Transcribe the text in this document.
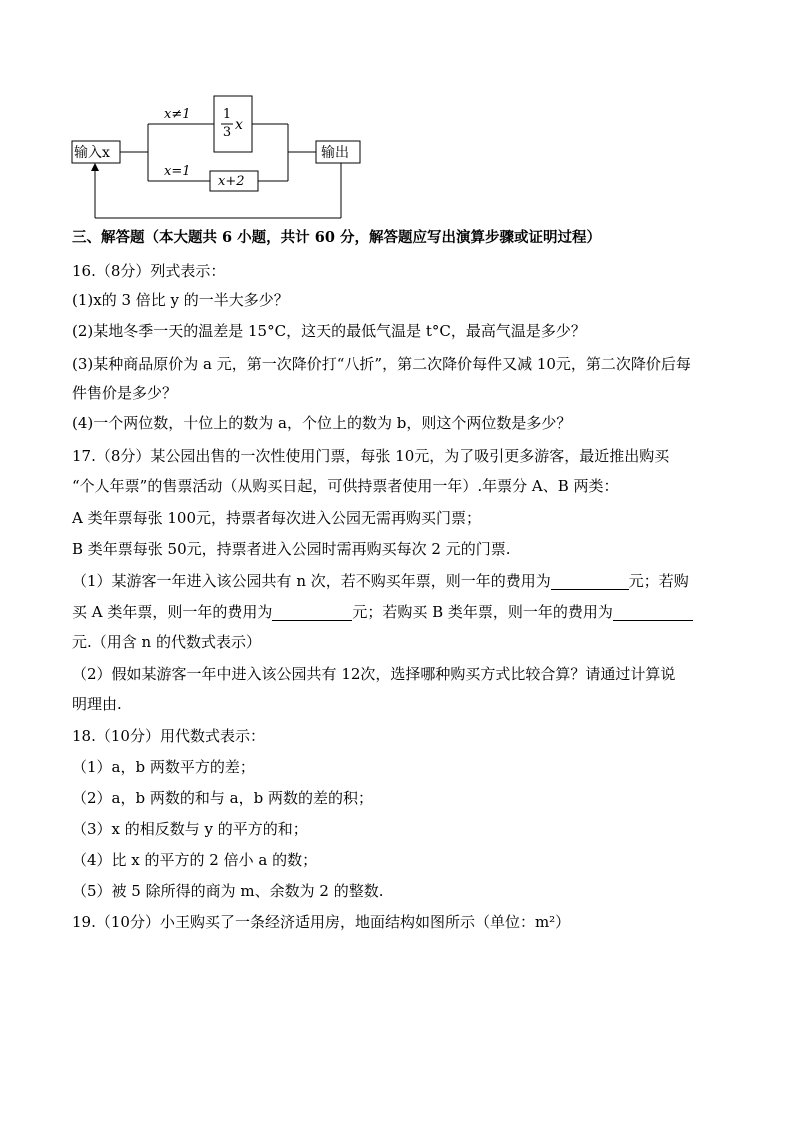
输入x	输出
x≠1
x=1
1
3 x
x+2
三、解答题（本大题共 6 小题，共计 60 分，解答题应写出演算步骤或证明过程）
16.（8分）列式表示：
(1)x的 3 倍比 y 的一半大多少？
(2)某地冬季一天的温差是 15°C，这天的最低气温是 t°C，最高气温是多少？
(3)某种商品原价为 a 元，第一次降价打“八折”，第二次降价每件又减 10元，第二次降价后每
件售价是多少？
(4)一个两位数，十位上的数为 a，个位上的数为 b，则这个两位数是多少？
17.（8分）某公园出售的一次性使用门票，每张 10元，为了吸引更多游客，最近推出购买
“个人年票”的售票活动（从购买日起，可供持票者使用一年）.年票分 A、B 两类：
A 类年票每张 100元，持票者每次进入公园无需再购买门票；
B 类年票每张 50元，持票者进入公园时需再购买每次 2 元的门票.
（1）某游客一年进入该公园共有 n 次，若不购买年票，则一年的费用为	元；若购
买 A 类年票，则一年的费用为	元；若购买 B 类年票，则一年的费用为
元.（用含 n 的代数式表示）
（2）假如某游客一年中进入该公园共有 12次，选择哪种购买方式比较合算？请通过计算说
明理由.
18.（10分）用代数式表示：
（1）a，b 两数平方的差；
（2）a，b 两数的和与 a，b 两数的差的积；
（3）x 的相反数与 y 的平方的和；
（4）比 x 的平方的 2 倍小 a 的数；
（5）被 5 除所得的商为 m、余数为 2 的整数.
19.（10分）小王购买了一条经济适用房，地面结构如图所示（单位：m²）
